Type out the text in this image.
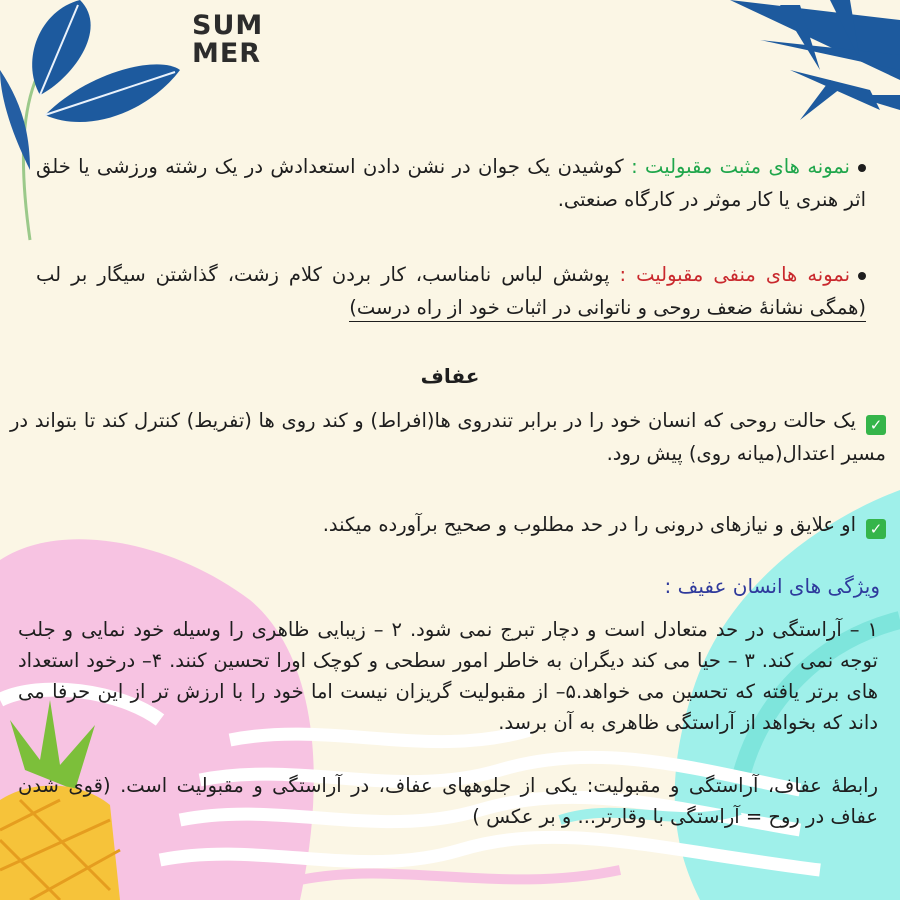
SUM
MER
نمونه های مثبت مقبولیت : کوشیدن یک جوان در نشن دادن استعدادش در یک رشته ورزشی یا خلق اثر هنری یا کار موثر در کارگاه صنعتی.
نمونه های منفی مقبولیت : پوشش لباس نامناسب، کار بردن کلام زشت، گذاشتن سیگار بر لب (همگی نشانهٔ ضعف روحی و ناتوانی در اثبات خود از راه درست)
عفاف
✓یک حالت روحی که انسان خود را در برابر تندروی ها(افراط) و کند روی ها (تفریط) کنترل کند تا بتواند در مسیر اعتدال(میانه روی) پیش رود.
✓او علایق و نیازهای درونی را در حد مطلوب و صحیح برآورده میکند.
ویژگی های انسان عفیف :
۱ – آراستگی در حد متعادل است و دچار تبرج نمی شود. ۲ – زیبایی ظاهری را وسیله خود نمایی و جلب توجه نمی کند. ۳ – حیا می کند دیگران به خاطر امور سطحی و کوچک اورا تحسین کنند. ۴– درخود استعداد های برتر یافته که تحسین می خواهد.۵– از مقبولیت گریزان نیست اما خود را با ارزش تر از این حرفا می داند که بخواهد از آراستگی ظاهری به آن برسد.
رابطهٔ عفاف، آراستگی و مقبولیت: یکی از جلوههای عفاف، در آراستگی و مقبولیت است. (قوی شدن عفاف در روح = آراستگی با وقارتر... و بر عکس )
